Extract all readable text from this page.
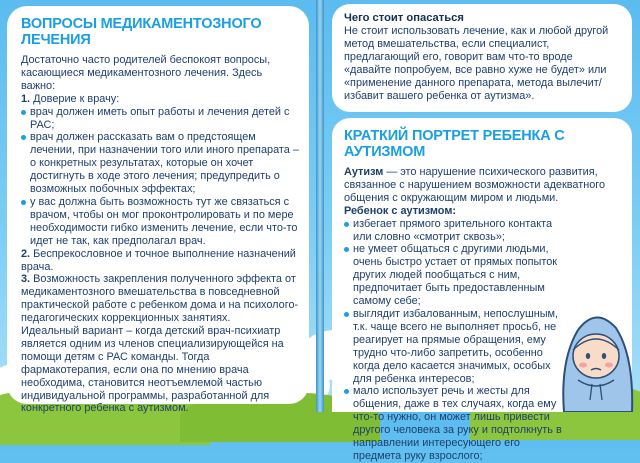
ВОПРОСЫ МЕДИКАМЕНТОЗНОГО ЛЕЧЕНИЯ

Достаточно часто родителей беспокоят вопросы, касающиеся медикаментозного лечения. Здесь важно:

1. Доверие к врачу:

врач должен иметь опыт работы и лечения детей с РАС;
врач должен рассказать вам о предстоящем лечении, при назначении того или иного препарата – о конкретных результатах, которые он хочет достигнуть в ходе этого лечения; предупредить о возможных побочных эффектах;
у вас должна быть возможность тут же связаться с врачом, чтобы он мог проконтролировать и по мере необходимости гибко изменить лечение, если что-то идет не так, как предполагал врач.

2. Беспрекословное и точное выполнение назначений врача.

3. Возможность закрепления полученного эффекта от медикаментозного вмешательства в повседневной практической работе с ребенком дома и на психолого-педагогических коррекционных занятиях.

Идеальный вариант – когда детский врач-психиатр является одним из членов специализирующейся на помощи детям с РАС команды. Тогда фармакотерапия, если она по мнению врача необходима, становится неотъемлемой частью индивидуальной программы, разработанной для конкретного ребенка с аутизмом.

Чего стоит опасаться

Не стоит использовать лечение, как и любой другой метод вмешательства, если специалист, предлагающий его, говорит вам что-то вроде «давайте попробуем, все равно хуже не будет» или «применение данного препарата, метода вылечит/избавит вашего ребенка от аутизма».

КРАТКИЙ ПОРТРЕТ РЕБЕНКА С АУТИЗМОМ

Аутизм — это нарушение психического развития, связанное с нарушением возможности адекватного общения с окружающим миром и людьми.

Ребенок с аутизмом:

избегает прямого зрительного контакта или словно «смотрит сквозь»;
не умеет общаться с другими людьми, очень быстро устает от прямых попыток других людей пообщаться с ним, предпочитает быть предоставленным самому себе;
выглядит избалованным, непослушным, т.к. чаще всего не выполняет просьб, не реагирует на прямые обращения, ему трудно что-либо запретить, особенно когда дело касается значимых, особых для ребенка интересов;
мало использует речь и жесты для общения, даже в тех случаях, когда ему что-то нужно, он может лишь привести другого человека за руку и подтолкнуть в направлении интересующего его предмета руку взрослого;
